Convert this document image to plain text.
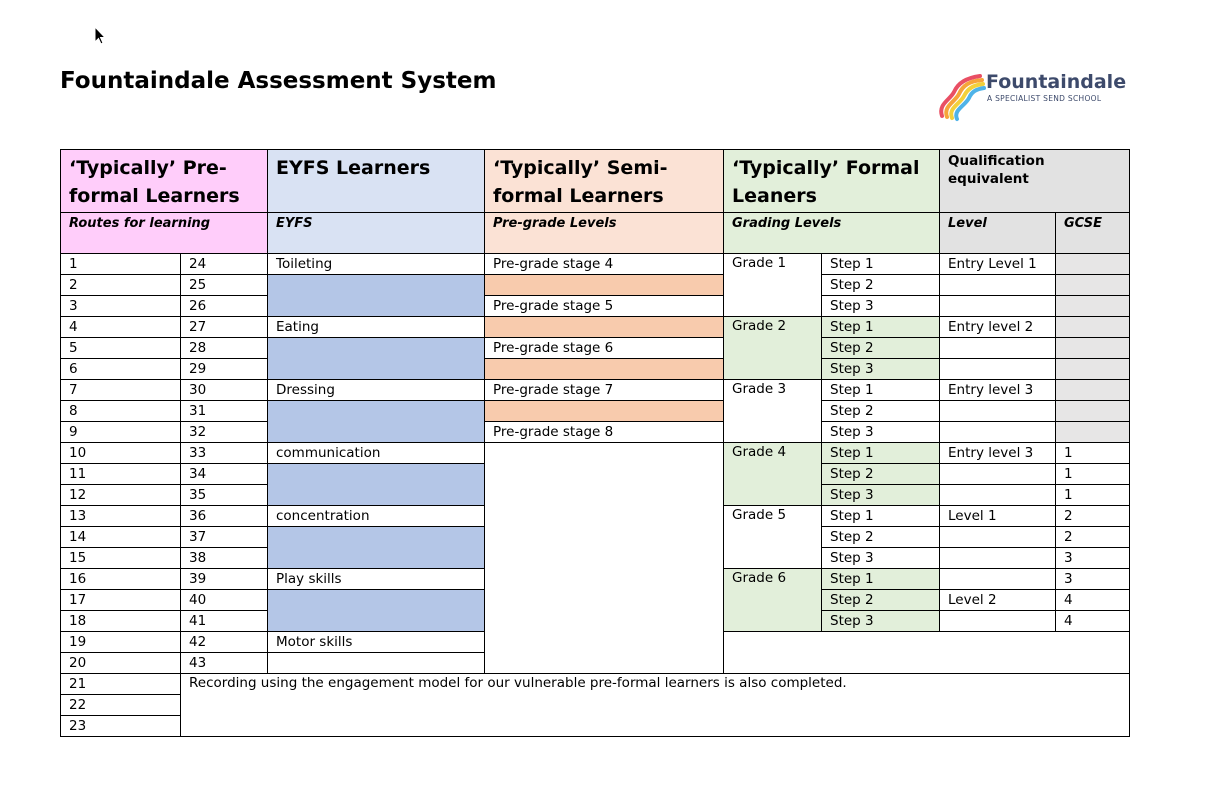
Fountaindale Assessment System	Fountaindale
A SPECIALIST SEND SCHOOL
‘Typically’ Pre-formal Learners		EYFS Learners	‘Typically’ Semi-formal Learners	‘Typically’ Formal Leaners		Qualification equivalent	
Routes for learning		EYFS	Pre-grade Levels	Grading Levels		Level	GCSE
1	24	Toileting	Pre-grade stage 4	Grade 1	Step 1	Entry Level 1	
2	25				Step 2		
3	26		Pre-grade stage 5		Step 3		
4	27	Eating		Grade 2	Step 1	Entry level 2	
5	28		Pre-grade stage 6		Step 2		
6	29				Step 3		
7	30	Dressing	Pre-grade stage 7	Grade 3	Step 1	Entry level 3	
8	31				Step 2		
9	32		Pre-grade stage 8		Step 3		
10	33	communication		Grade 4	Step 1	Entry level 3	1
11	34				Step 2		1
12	35				Step 3		1
13	36	concentration		Grade 5	Step 1	Level 1	2
14	37				Step 2		2
15	38				Step 3		3
16	39	Play skills		Grade 6	Step 1		3
17	40				Step 2	Level 2	4
18	41				Step 3		4
19	42	Motor skills					
20	43						
21	Recording using the engagement model for our vulnerable pre-formal learners is also completed.						
22							
23							
